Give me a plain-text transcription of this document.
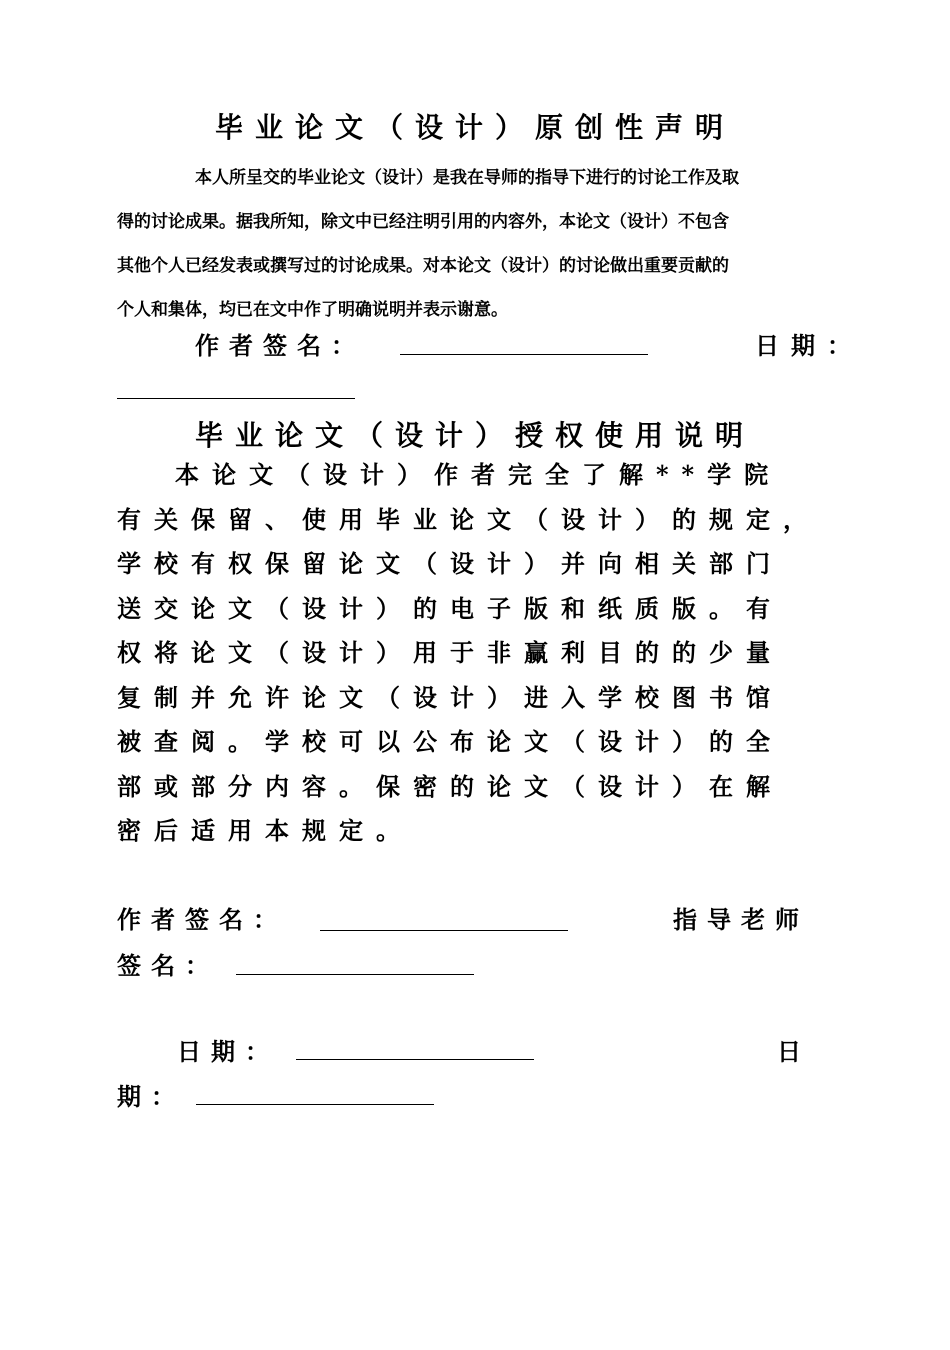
毕业论文（设计）原创性声明
本人所呈交的毕业论文（设计）是我在导师的指导下进行的讨论工作及取
得的讨论成果。据我所知，除文中已经注明引用的内容外，本论文（设计）不包含
其他个人已经发表或撰写过的讨论成果。对本论文（设计）的讨论做出重要贡献的
个人和集体，均已在文中作了明确说明并表示谢意。
作者签名：	日期：
毕业论文（设计）授权使用说明
本论文（设计）作者完全了解**学院
有关保留、使用毕业论文（设计）的规定，
学校有权保留论文（设计）并向相关部门
送交论文（设计）的电子版和纸质版。有
权将论文（设计）用于非赢利目的的少量
复制并允许论文（设计）进入学校图书馆
被查阅。学校可以公布论文（设计）的全
部或部分内容。保密的论文（设计）在解
密后适用本规定。
作者签名：	指导老师
签名：
日期：	日
期：
